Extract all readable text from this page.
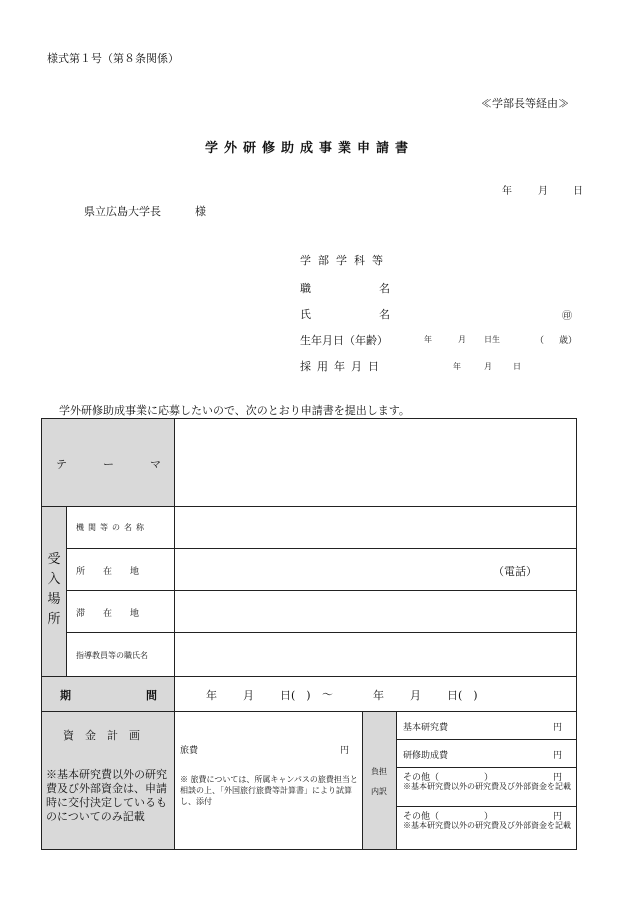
様式第１号（第８条関係）
≪学部長等経由≫
学外研修助成事業申請書
年	月	日
県立広島大学長	様
学部学科等
職	名
氏	名	㊞
生年月日（年齢）	年	月 日生	（ 歳）
採用年月日	年	月	日
学外研修助成事業に応募したいので、次のとおり申請書を提出します。
テ	ー	マ
受
入
場
所
機関等の名称
所　　在　　地	（電話）
滞　　在　　地
指導教員等の職氏名
期	間	年 月 日(　) ～	年 月 日(　)
資　金　計　画
※基本研究費以外の研究費及び外部資金は、申請時に交付決定しているものについてのみ記載
旅費	円
※ 旅費については、所属キャンパスの旅費担当と相談の上、「外国旅行旅費等計算書」により試算し、添付
負担
内訳
基本研究費	円
研修助成費	円
その他（　　　　　）	円
※基本研究費以外の研究費及び外部資金を記載
その他（　　　　　）	円
※基本研究費以外の研究費及び外部資金を記載
